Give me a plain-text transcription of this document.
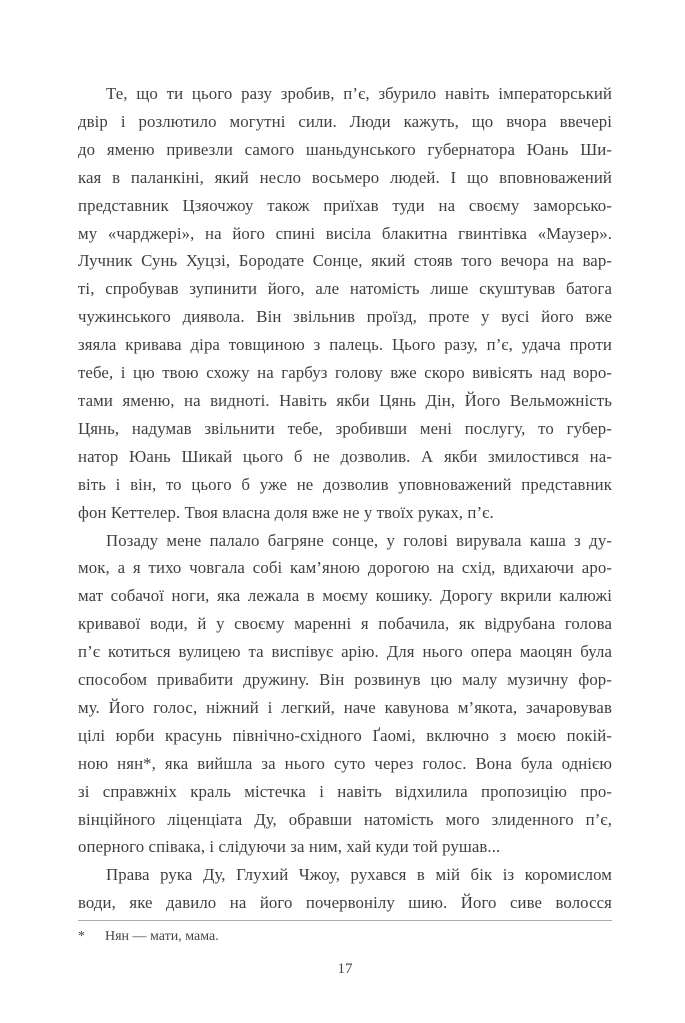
Те, що ти цього разу зробив, п’є, збурило навіть імператорський
двір і розлютило могутні сили. Люди кажуть, що вчора ввечері
до яменю привезли самого шаньдунського губернатора Юань Ши-
кая в паланкіні, який несло восьмеро людей. І що вповноважений
представник Цзяочжоу також приїхав туди на своєму заморсько-
му «чарджері», на його спині висіла блакитна гвинтівка «Маузер».
Лучник Сунь Хуцзі, Бородате Сонце, який стояв того вечора на вар-
ті, спробував зупинити його, але натомість лише скуштував батога
чужинського диявола. Він звільнив проїзд, проте у вусі його вже
зяяла кривава діра товщиною з палець. Цього разу, п’є, удача проти
тебе, і цю твою схожу на гарбуз голову вже скоро вивісять над воро-
тами яменю, на видноті. Навіть якби Цянь Дін, Його Вельможність
Цянь, надумав звільнити тебе, зробивши мені послугу, то губер-
натор Юань Шикай цього б не дозволив. А якби змилостився на-
віть і він, то цього б уже не дозволив уповноважений представник
фон Кеттелер. Твоя власна доля вже не у твоїх руках, п’є.
Позаду мене палало багряне сонце, у голові вирувала каша з ду-
мок, а я тихо човгала собі кам’яною дорогою на схід, вдихаючи аро-
мат собачої ноги, яка лежала в моєму кошику. Дорогу вкрили калюжі
кривавої води, й у своєму маренні я побачила, як відрубана голова
п’є котиться вулицею та виспівує арію. Для нього опера маоцян була
способом привабити дружину. Він розвинув цю малу музичну фор-
му. Його голос, ніжний і легкий, наче кавунова м’якота, зачаровував
цілі юрби красунь північно-східного Ґаомі, включно з моєю покій-
ною нян*, яка вийшла за нього суто через голос. Вона була однією
зі справжніх краль містечка і навіть відхилила пропозицію про-
вінційного ліценціата Ду, обравши натомість мого злиденного п’є,
оперного співака, і слідуючи за ним, хай куди той рушав...
Права рука Ду, Глухий Чжоу, рухався в мій бік із коромислом
води, яке давило на його почервонілу шию. Його сиве волосся
*	Нян — мати, мама.
17
